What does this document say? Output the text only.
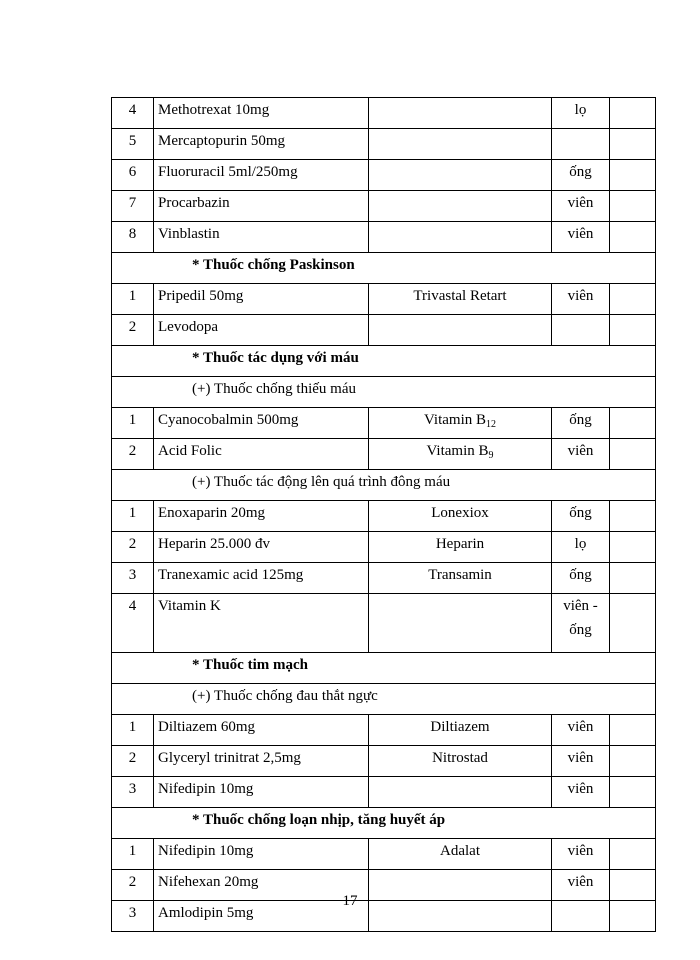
4	Methotrexat 10mg		lọ	
5	Mercaptopurin 50mg			
6	Fluoruracil 5ml/250mg		ống	
7	Procarbazin		viên	
8	Vinblastin		viên	
* Thuốc chống Paskinson				
1	Pripedil 50mg	Trivastal Retart	viên	
2	Levodopa			
* Thuốc tác dụng với máu				
(+) Thuốc chống thiếu máu				
1	Cyanocobalmin 500mg	Vitamin $B_{12}$	ống	
2	Acid Folic	Vitamin $B_9$	viên	
(+) Thuốc tác động lên quá trình đông máu				
1	Enoxaparin 20mg	Lonexiox	ống	
2	Heparin 25.000 đv	Heparin	lọ	
3	Tranexamic acid 125mg	Transamin	ống	
4	Vitamin K		viên -
ống	

* Thuốc tim mạch				
(+) Thuốc chống đau thắt ngực				
1	Diltiazem 60mg	Diltiazem	viên	
2	Glyceryl trinitrat 2,5mg	Nitrostad	viên	
3	Nifedipin 10mg		viên	
* Thuốc chống loạn nhịp, tăng huyết áp				
1	Nifedipin 10mg	Adalat	viên	
2	Nifehexan 20mg		viên	
3	Amlodipin 5mg			
17
